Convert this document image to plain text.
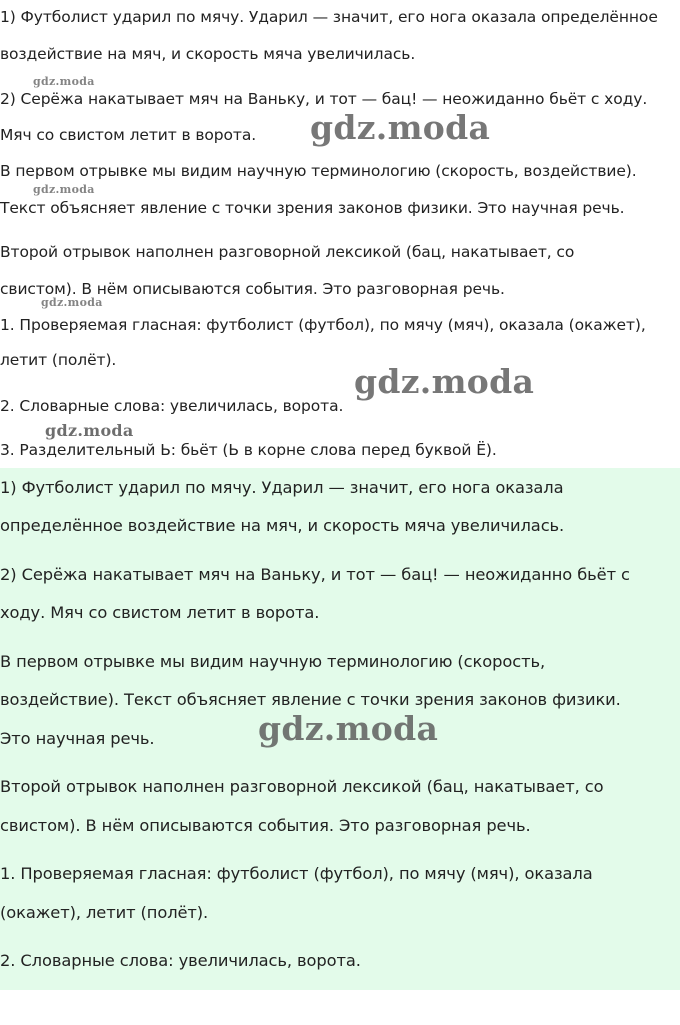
1) Футболист ударил по мячу. Ударил — значит, его нога оказала определённое

воздействие на мяч, и скорость мяча увеличилась.

2) Серёжа накатывает мяч на Ваньку, и тот — бац! — неожиданно бьёт с ходу.

Мяч со свистом летит в ворота.

В первом отрывке мы видим научную терминологию (скорость, воздействие).

Текст объясняет явление с точки зрения законов физики. Это научная речь.

Второй отрывок наполнен разговорной лексикой (бац, накатывает, со

свистом). В нём описываются события. Это разговорная речь.

1. Проверяемая гласная: футболист (футбол), по мячу (мяч), оказала (окажет),

летит (полёт).

2. Словарные слова: увеличилась, ворота.

3. Разделительный Ь: бьёт (Ь в корне слова перед буквой Ё).

1) Футболист ударил по мячу. Ударил — значит, его нога оказала

определённое воздействие на мяч, и скорость мяча увеличилась.

2) Серёжа накатывает мяч на Ваньку, и тот — бац! — неожиданно бьёт с

ходу. Мяч со свистом летит в ворота.

В первом отрывке мы видим научную терминологию (скорость,

воздействие). Текст объясняет явление с точки зрения законов физики.

Это научная речь.

Второй отрывок наполнен разговорной лексикой (бац, накатывает, со

свистом). В нём описываются события. Это разговорная речь.

1. Проверяемая гласная: футболист (футбол), по мячу (мяч), оказала

(окажет), летит (полёт).

2. Словарные слова: увеличилась, ворота.

gdz.moda
gdz.moda
gdz.moda
gdz.moda
gdz.moda
gdz.moda
gdz.moda
